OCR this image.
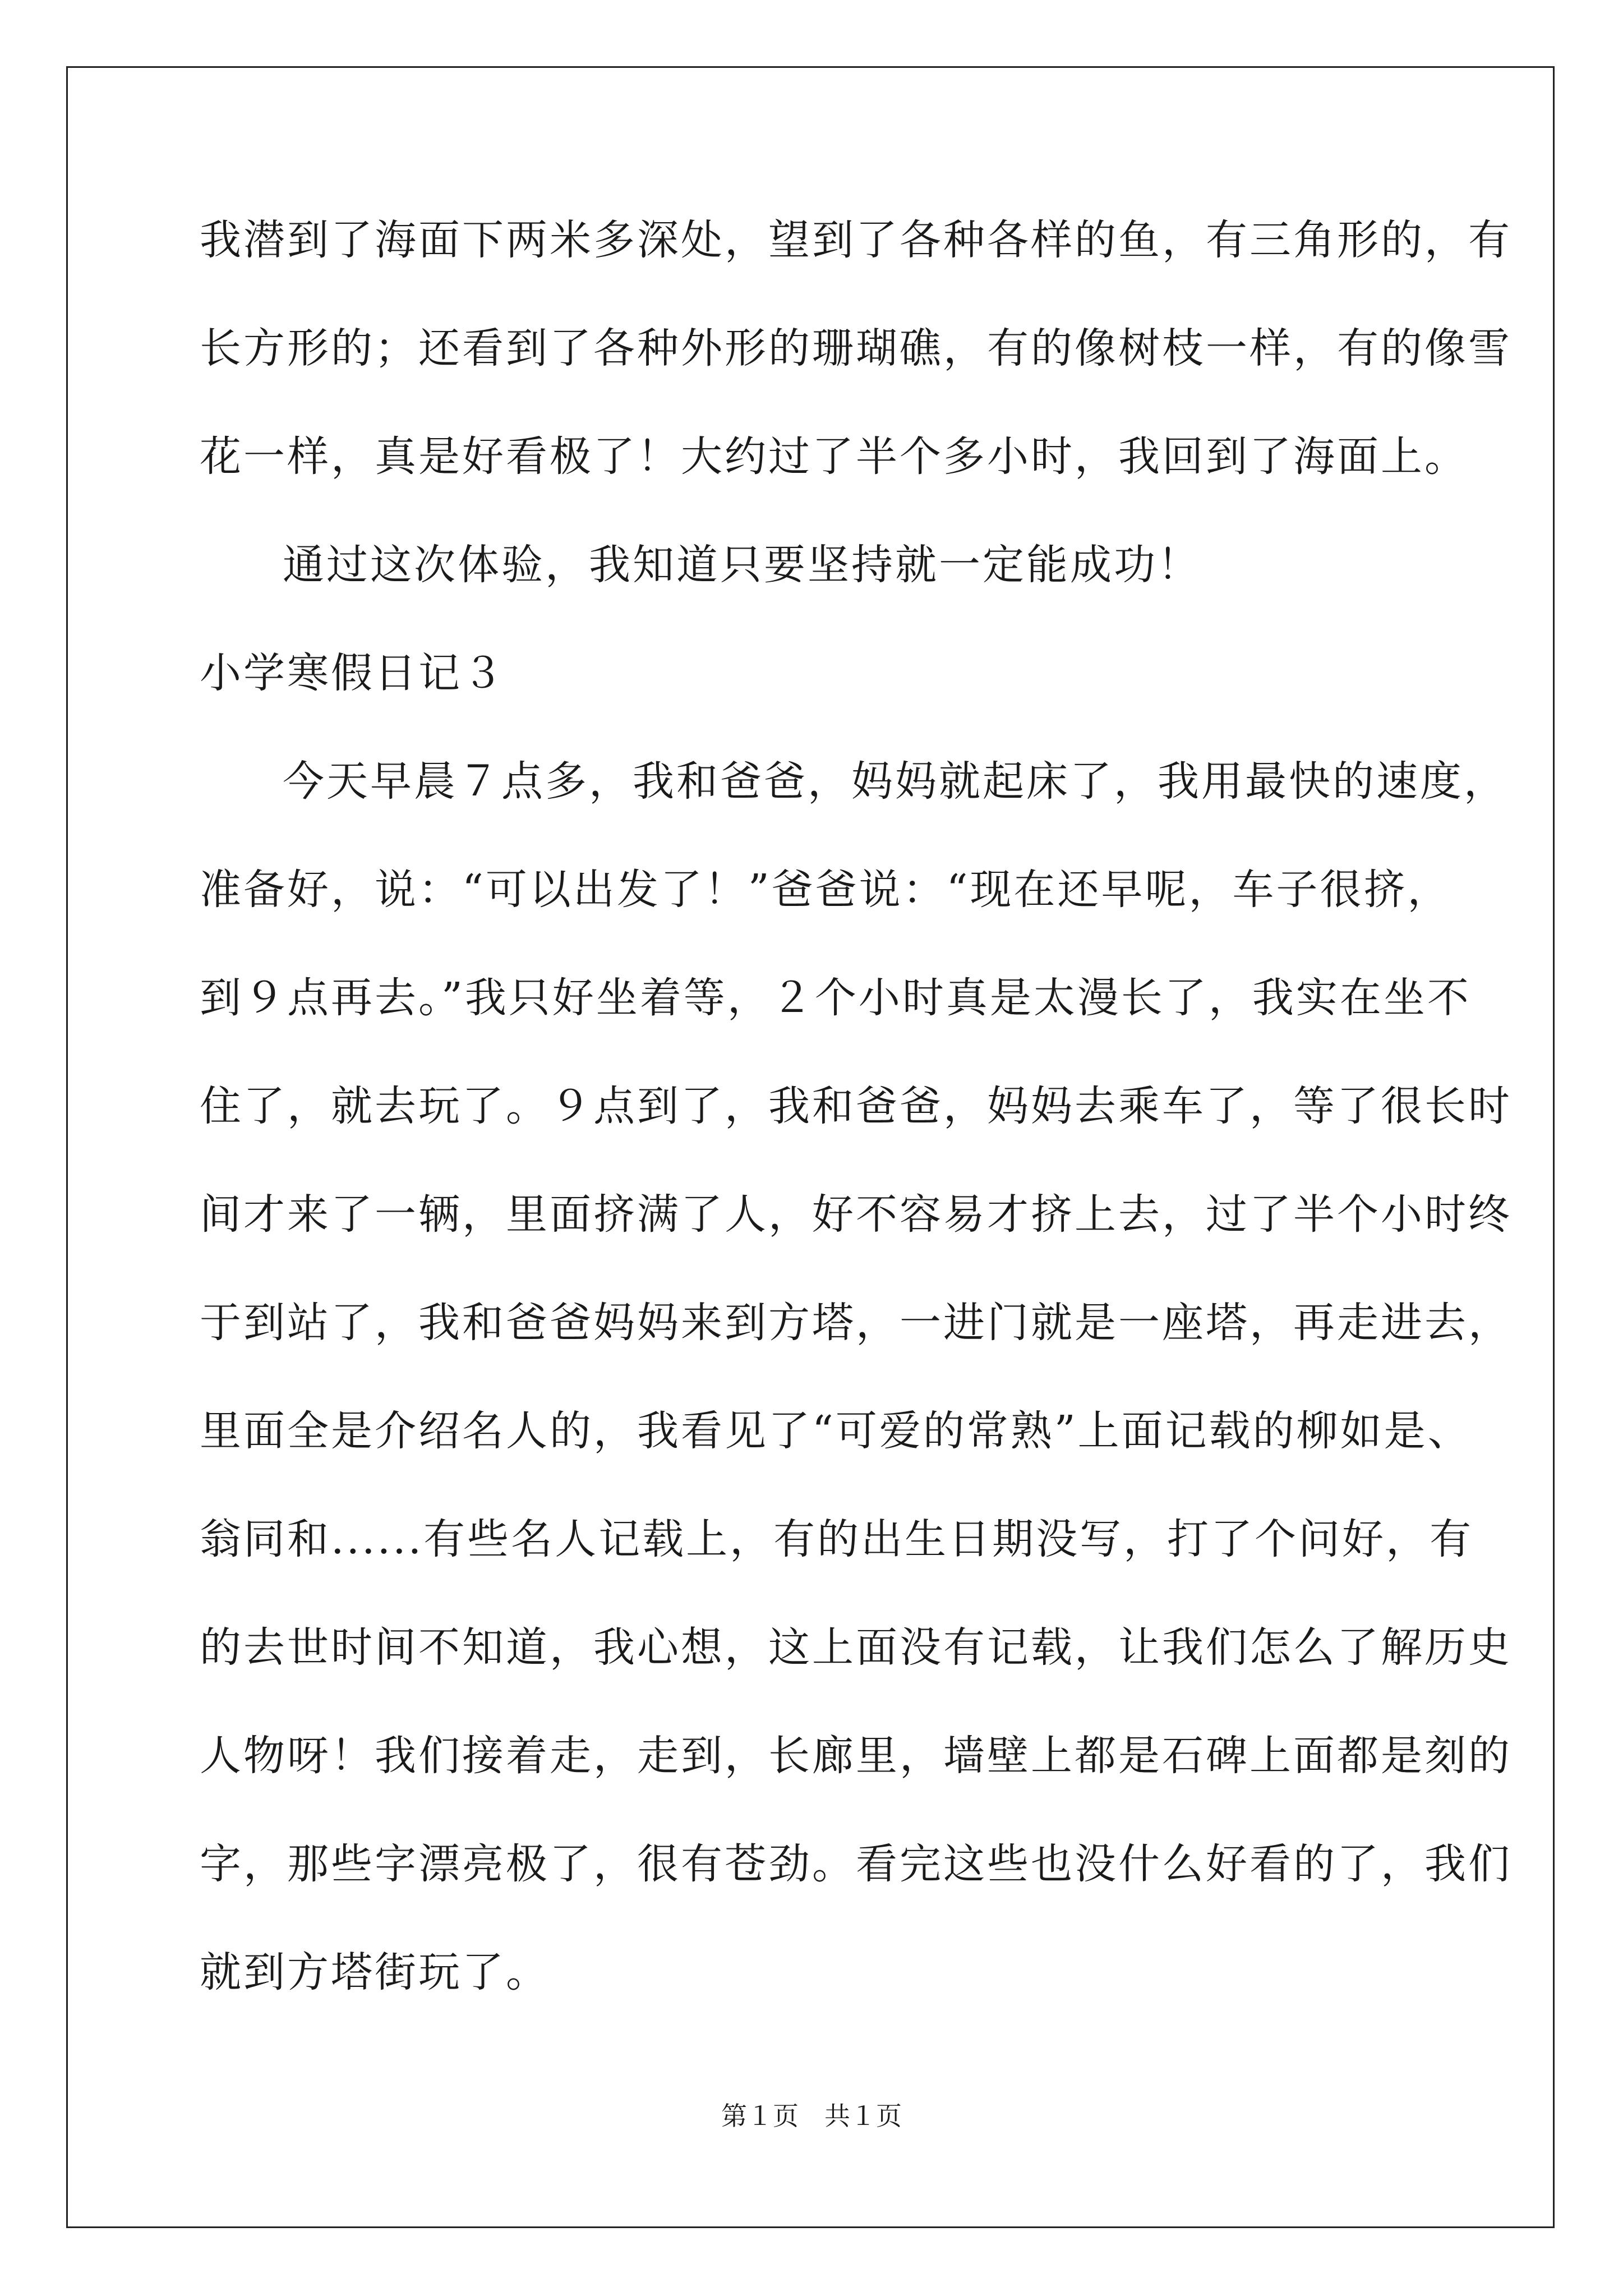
我潜到了海面下两米多深处，望到了各种各样的鱼，有三角形的，有

长方形的；还看到了各种外形的珊瑚礁，有的像树枝一样，有的像雪

花一样，真是好看极了！大约过了半个多小时，我回到了海面上。

通过这次体验，我知道只要坚持就一定能成功！

小学寒假日记３

今天早晨７点多，我和爸爸，妈妈就起床了，我用最快的速度，

准备好，说：“可以出发了！”爸爸说：“现在还早呢，车子很挤，

到９点再去。”我只好坐着等，２个小时真是太漫长了，我实在坐不

住了，就去玩了。９点到了，我和爸爸，妈妈去乘车了，等了很长时

间才来了一辆，里面挤满了人，好不容易才挤上去，过了半个小时终

于到站了，我和爸爸妈妈来到方塔，一进门就是一座塔，再走进去，

里面全是介绍名人的，我看见了“可爱的常熟”上面记载的柳如是、

翁同和......有些名人记载上，有的出生日期没写，打了个问好，有

的去世时间不知道，我心想，这上面没有记载，让我们怎么了解历史

人物呀！我们接着走，走到，长廊里，墙壁上都是石碑上面都是刻的

字，那些字漂亮极了，很有苍劲。看完这些也没什么好看的了，我们

就到方塔街玩了。

第１页　共１页
